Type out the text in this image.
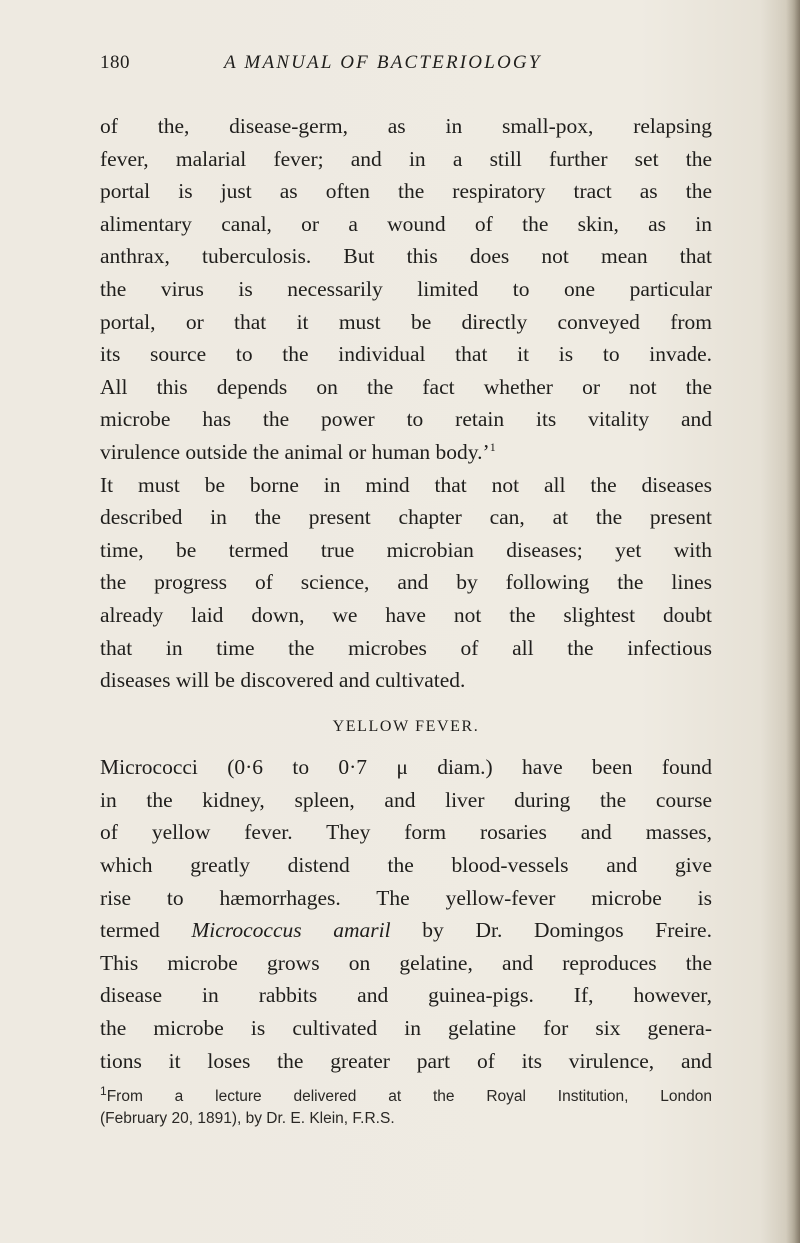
180	A MANUAL OF BACTERIOLOGY

of the, disease-germ, as in small-pox, relapsing

fever, malarial fever; and in a still further set the

portal is just as often the respiratory tract as the

alimentary canal, or a wound of the skin, as in

anthrax, tuberculosis. But this does not mean that

the virus is necessarily limited to one particular

portal, or that it must be directly conveyed from

its source to the individual that it is to invade.

All this depends on the fact whether or not the

microbe has the power to retain its vitality and

virulence outside the animal or human body.’$^1$

It must be borne in mind that not all the diseases

described in the present chapter can, at the present

time, be termed true microbian diseases; yet with

the progress of science, and by following the lines

already laid down, we have not the slightest doubt

that in time the microbes of all the infectious

diseases will be discovered and cultivated.

YELLOW FEVER.

Micrococci (0·6 to 0·7 μ diam.) have been found

in the kidney, spleen, and liver during the course

of yellow fever. They form rosaries and masses,

which greatly distend the blood-vessels and give

rise to hæmorrhages. The yellow-fever microbe is

termed Micrococcus amaril by Dr. Domingos Freire.

This microbe grows on gelatine, and reproduces the

disease in rabbits and guinea-pigs. If, however,

the microbe is cultivated in gelatine for six genera-

tions it loses the greater part of its virulence, and

$^1$From a lecture delivered at the Royal Institution, London

(February 20, 1891), by Dr. E. Klein, F.R.S.
